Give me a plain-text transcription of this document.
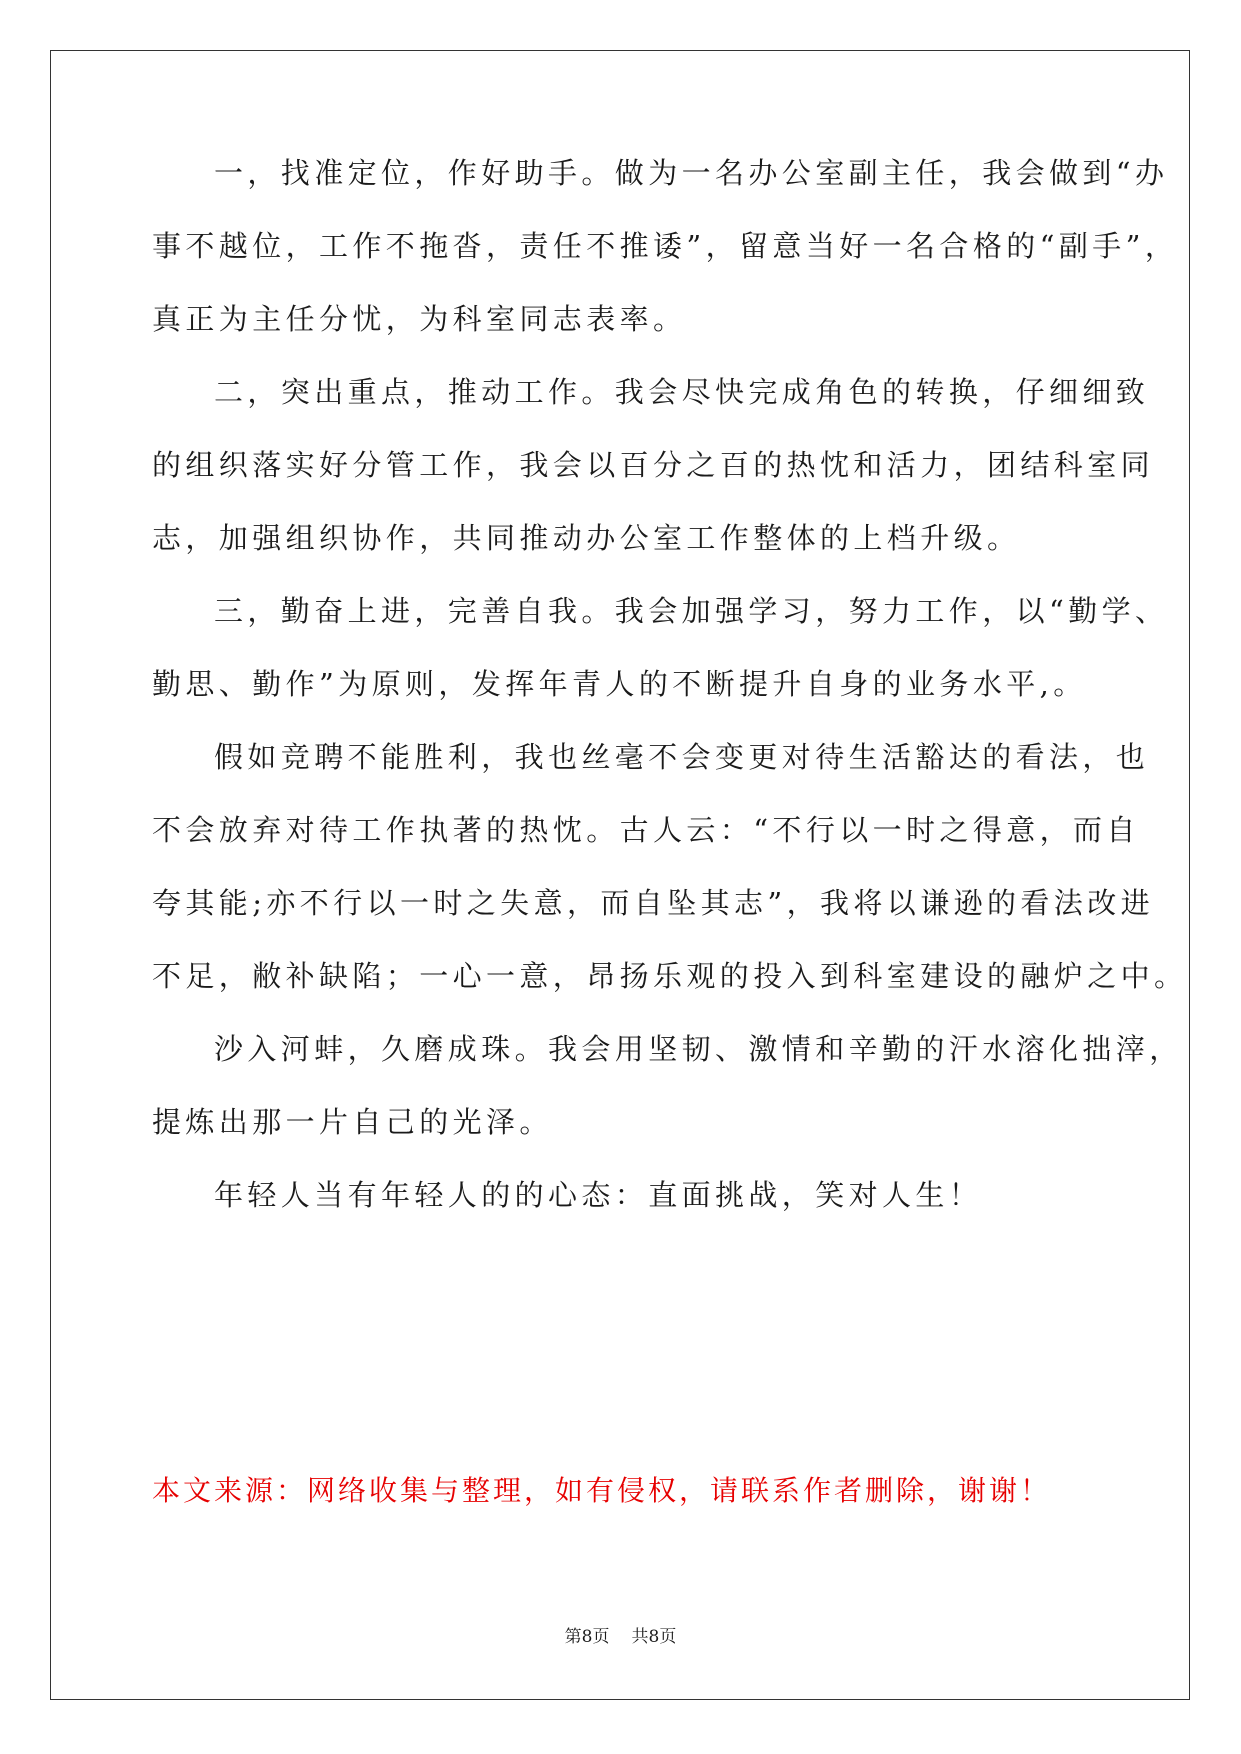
一，找准定位，作好助手。做为一名办公室副主任，我会做到“办

事不越位，工作不拖沓，责任不推诿”，留意当好一名合格的“副手”，

真正为主任分忧，为科室同志表率。

二，突出重点，推动工作。我会尽快完成角色的转换，仔细细致

的组织落实好分管工作，我会以百分之百的热忱和活力，团结科室同

志，加强组织协作，共同推动办公室工作整体的上档升级。

三，勤奋上进，完善自我。我会加强学习，努力工作，以“勤学、

勤思、勤作”为原则，发挥年青人的不断提升自身的业务水平,。

假如竞聘不能胜利，我也丝毫不会变更对待生活豁达的看法，也

不会放弃对待工作执著的热忱。古人云：“不行以一时之得意，而自

夸其能;亦不行以一时之失意，而自坠其志”，我将以谦逊的看法改进

不足，敝补缺陷；一心一意，昂扬乐观的投入到科室建设的融炉之中。

沙入河蚌，久磨成珠。我会用坚韧、激情和辛勤的汗水溶化拙滓，

提炼出那一片自己的光泽。

年轻人当有年轻人的的心态：直面挑战，笑对人生！

本文来源：网络收集与整理，如有侵权，请联系作者删除，谢谢！
第8页 共8页
